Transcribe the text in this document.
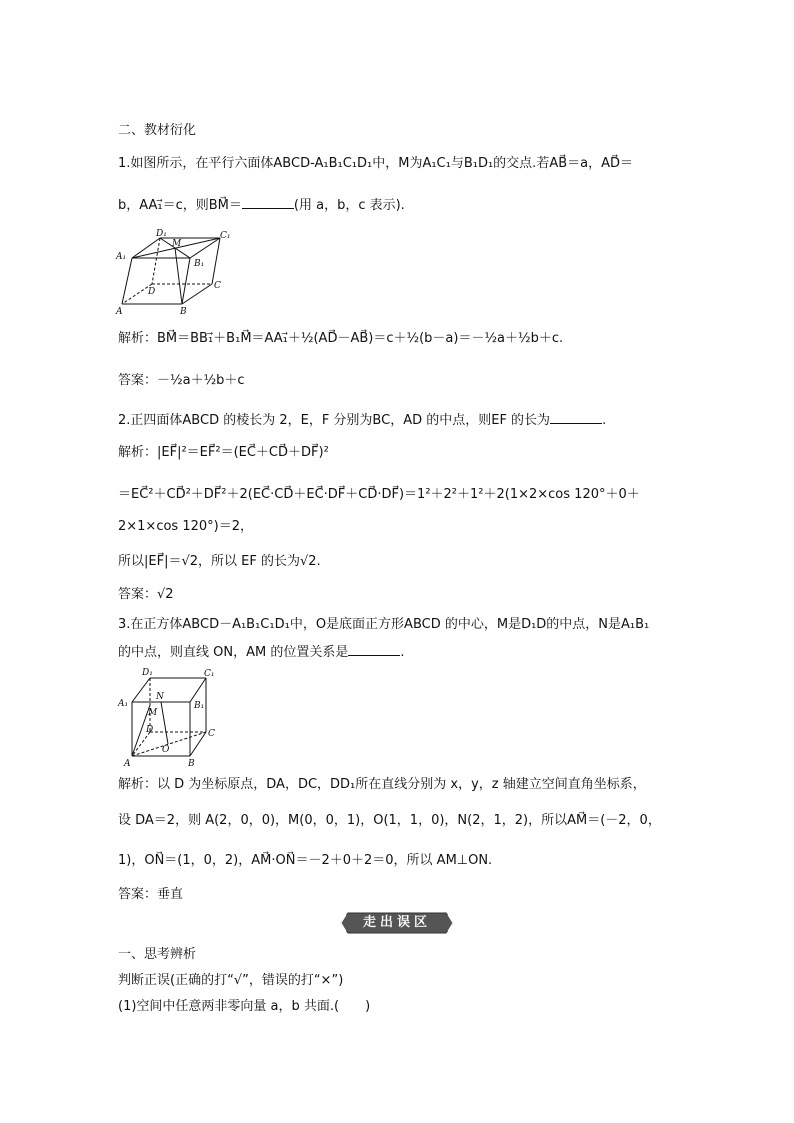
二、教材衍化
1.如图所示，在平行六面体ABCD-A₁B₁C₁D₁中，M为A₁C₁与B₁D₁的交点.若AB⃗＝a，AD⃗＝
b，AA₁⃗＝c，则BM⃗＝	(用 a，b，c 表示).
D₁
M
C₁
A₁
B₁
D
C
A	B
解析：BM⃗＝BB₁⃗＋B₁M⃗＝AA₁⃗＋½(AD⃗－AB⃗)＝c＋½(b－a)＝－½a＋½b＋c.
答案：－½a＋½b＋c
2.正四面体ABCD 的棱长为 2，E，F 分别为BC，AD 的中点，则EF 的长为	.
解析：|EF⃗|²＝EF⃗²＝(EC⃗＋CD⃗＋DF⃗)²
＝EC⃗²＋CD⃗²＋DF⃗²＋2(EC⃗·CD⃗＋EC⃗·DF⃗＋CD⃗·DF⃗)＝1²＋2²＋1²＋2(1×2×cos 120°＋0＋
2×1×cos 120°)＝2，
所以|EF⃗|＝√2，所以 EF 的长为√2.
答案：√2
3.在正方体ABCD－A₁B₁C₁D₁中，O是底面正方形ABCD 的中心，M是D₁D的中点，N是A₁B₁
的中点，则直线 ON，AM 的位置关系是	.
D₁	C₁
N
A₁
M
B₁
D	C
O
A	B
解析：以 D 为坐标原点，DA，DC，DD₁所在直线分别为 x，y，z 轴建立空间直角坐标系，
设 DA＝2，则 A(2，0，0)，M(0，0，1)，O(1，1，0)，N(2，1，2)，所以AM⃗＝(－2，0，
1)，ON⃗＝(1，0，2)，AM⃗·ON⃗＝－2＋0＋2＝0，所以 AM⊥ON.
答案：垂直
走出误区
一、思考辨析
判断正误(正确的打“√”，错误的打“×”)
(1)空间中任意两非零向量 a，b 共面.(　　)
